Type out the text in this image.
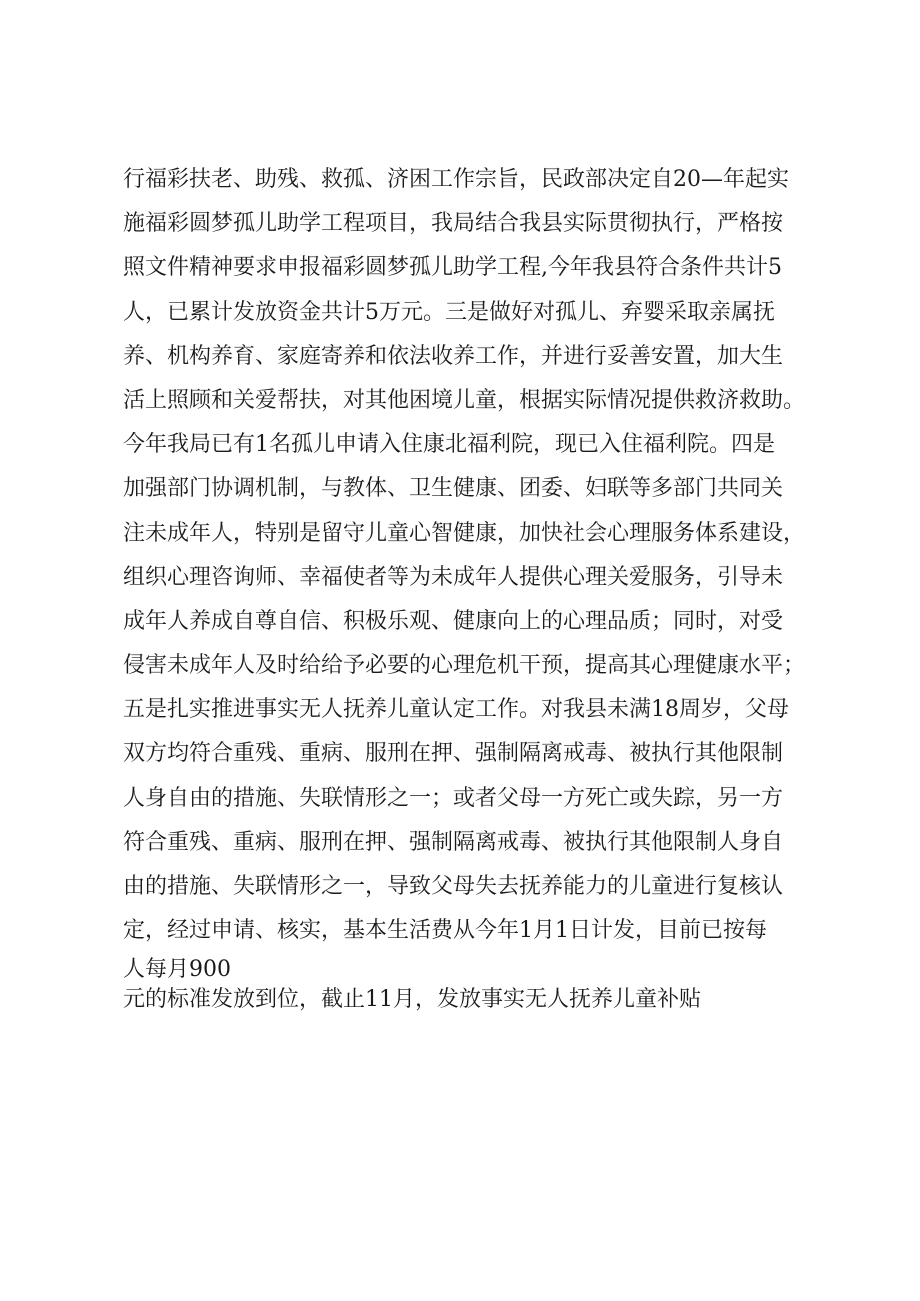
行福彩扶老、助残、救孤、济困工作宗旨，民政部决定自20—年起实
施福彩圆梦孤儿助学工程项目，我局结合我县实际贯彻执行，严格按
照文件精神要求申报福彩圆梦孤儿助学工程,今年我县符合条件共计5
人，已累计发放资金共计5万元。三是做好对孤儿、弃婴采取亲属抚
养、机构养育、家庭寄养和依法收养工作，并进行妥善安置，加大生
活上照顾和关爱帮扶，对其他困境儿童，根据实际情况提供救济救助。
今年我局已有1名孤儿申请入住康北福利院，现已入住福利院。四是
加强部门协调机制，与教体、卫生健康、团委、妇联等多部门共同关
注未成年人，特别是留守儿童心智健康，加快社会心理服务体系建设，
组织心理咨询师、幸福使者等为未成年人提供心理关爱服务，引导未
成年人养成自尊自信、积极乐观、健康向上的心理品质；同时，对受
侵害未成年人及时给给予必要的心理危机干预，提高其心理健康水平；
五是扎实推进事实无人抚养儿童认定工作。对我县未满18周岁，父母
双方均符合重残、重病、服刑在押、强制隔离戒毒、被执行其他限制
人身自由的措施、失联情形之一；或者父母一方死亡或失踪，另一方
符合重残、重病、服刑在押、强制隔离戒毒、被执行其他限制人身自
由的措施、失联情形之一，导致父母失去抚养能力的儿童进行复核认
定，经过申请、核实，基本生活费从今年1月1日计发，目前已按每
人每月900
元的标准发放到位，截止11月，发放事实无人抚养儿童补贴
